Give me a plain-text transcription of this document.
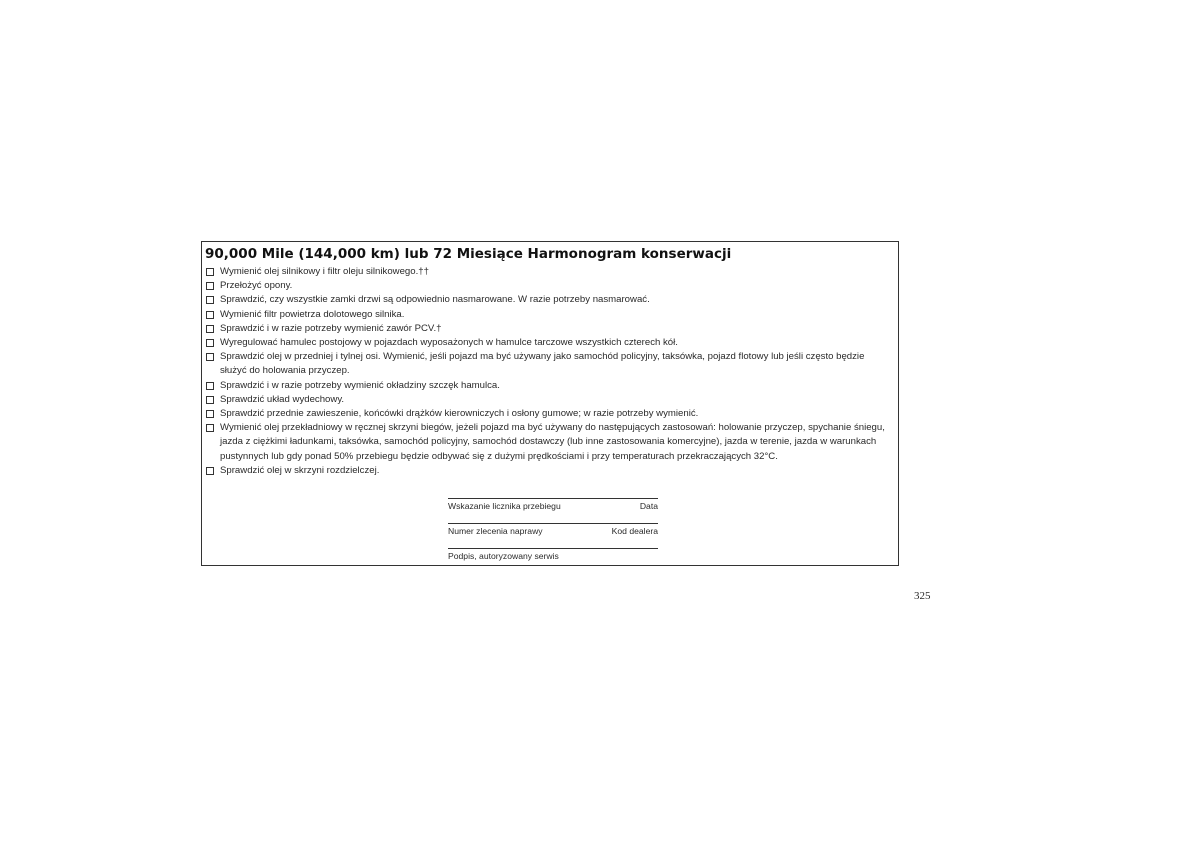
90,000 Mile (144,000 km) lub 72 Miesiące Harmonogram konserwacji
Wymienić olej silnikowy i filtr oleju silnikowego.††
Przełożyć opony.
Sprawdzić, czy wszystkie zamki drzwi są odpowiednio nasmarowane. W razie potrzeby nasmarować.
Wymienić filtr powietrza dolotowego silnika.
Sprawdzić i w razie potrzeby wymienić zawór PCV.†
Wyregulować hamulec postojowy w pojazdach wyposażonych w hamulce tarczowe wszystkich czterech kół.
Sprawdzić olej w przedniej i tylnej osi. Wymienić, jeśli pojazd ma być używany jako samochód policyjny, taksówka, pojazd flotowy lub jeśli często będzie służyć do holowania przyczep.
Sprawdzić i w razie potrzeby wymienić okładziny szczęk hamulca.
Sprawdzić układ wydechowy.
Sprawdzić przednie zawieszenie, końcówki drążków kierowniczych i osłony gumowe; w razie potrzeby wymienić.
Wymienić olej przekładniowy w ręcznej skrzyni biegów, jeżeli pojazd ma być używany do następujących zastosowań: holowanie przyczep, spychanie śniegu, jazda z ciężkimi ładunkami, taksówka, samochód policyjny, samochód dostawczy (lub inne zastosowania komercyjne), jazda w terenie, jazda w warunkach pustynnych lub gdy ponad 50% przebiegu będzie odbywać się z dużymi prędkościami i przy temperaturach przekraczających 32°C.
Sprawdzić olej w skrzyni rozdzielczej.
Wskazanie licznika przebiegu	Data
Numer zlecenia naprawy	Kod dealera
Podpis, autoryzowany serwis
325
